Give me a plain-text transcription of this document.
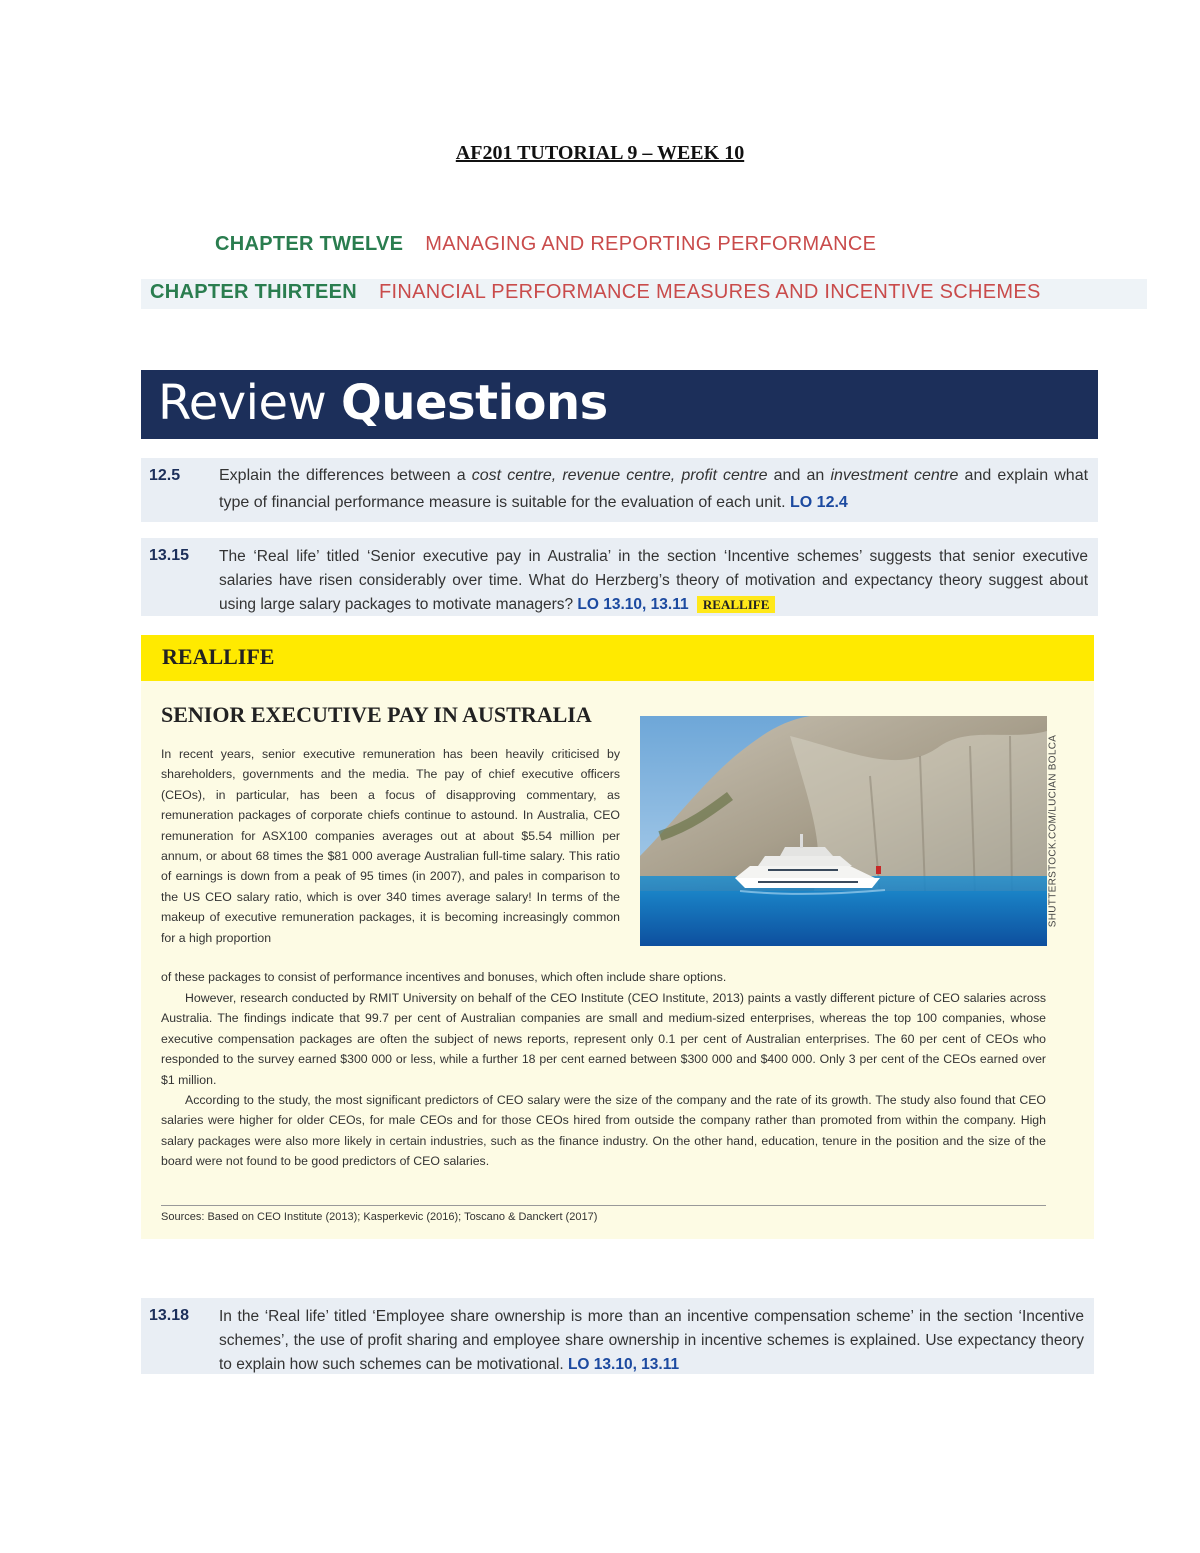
AF201 TUTORIAL 9 – WEEK 10
CHAPTER TWELVE MANAGING AND REPORTING PERFORMANCE
CHAPTER THIRTEEN FINANCIAL PERFORMANCE MEASURES AND INCENTIVE SCHEMES
Review Questions
12.5 Explain the differences between a cost centre, revenue centre, profit centre and an investment centre and explain what type of financial performance measure is suitable for the evaluation of each unit. LO 12.4
13.15 The ‘Real life’ titled ‘Senior executive pay in Australia’ in the section ‘Incentive schemes’ suggests that senior executive salaries have risen considerably over time. What do Herzberg’s theory of motivation and expectancy theory suggest about using large salary packages to motivate managers? LO 13.10, 13.11 REALLIFE
REALLIFE
SENIOR EXECUTIVE PAY IN AUSTRALIA
In recent years, senior executive remuneration has been heavily criticised by shareholders, governments and the media. The pay of chief executive officers (CEOs), in particular, has been a focus of disapproving commentary, as remuneration packages of corporate chiefs continue to astound. In Australia, CEO remuneration for ASX100 companies averages out at about $5.54 million per annum, or about 68 times the $81 000 average Australian full-time salary. This ratio of earnings is down from a peak of 95 times (in 2007), and pales in comparison to the US CEO salary ratio, which is over 340 times average salary! In terms of the makeup of executive remuneration packages, it is becoming increasingly common for a high proportion
SHUTTERSTOCK.COM/LUCIAN BOLCA
of these packages to consist of performance incentives and bonuses, which often include share options.
However, research conducted by RMIT University on behalf of the CEO Institute (CEO Institute, 2013) paints a vastly different picture of CEO salaries across Australia. The findings indicate that 99.7 per cent of Australian companies are small and medium-sized enterprises, whereas the top 100 companies, whose executive compensation packages are often the subject of news reports, represent only 0.1 per cent of Australian enterprises. The 60 per cent of CEOs who responded to the survey earned $300 000 or less, while a further 18 per cent earned between $300 000 and $400 000. Only 3 per cent of the CEOs earned over $1 million.
According to the study, the most significant predictors of CEO salary were the size of the company and the rate of its growth. The study also found that CEO salaries were higher for older CEOs, for male CEOs and for those CEOs hired from outside the company rather than promoted from within the company. High salary packages were also more likely in certain industries, such as the finance industry. On the other hand, education, tenure in the position and the size of the board were not found to be good predictors of CEO salaries.
Sources: Based on CEO Institute (2013); Kasperkevic (2016); Toscano & Danckert (2017)
13.18 In the ‘Real life’ titled ‘Employee share ownership is more than an incentive compensation scheme’ in the section ‘Incentive schemes’, the use of profit sharing and employee share ownership in incentive schemes is explained. Use expectancy theory to explain how such schemes can be motivational. LO 13.10, 13.11
